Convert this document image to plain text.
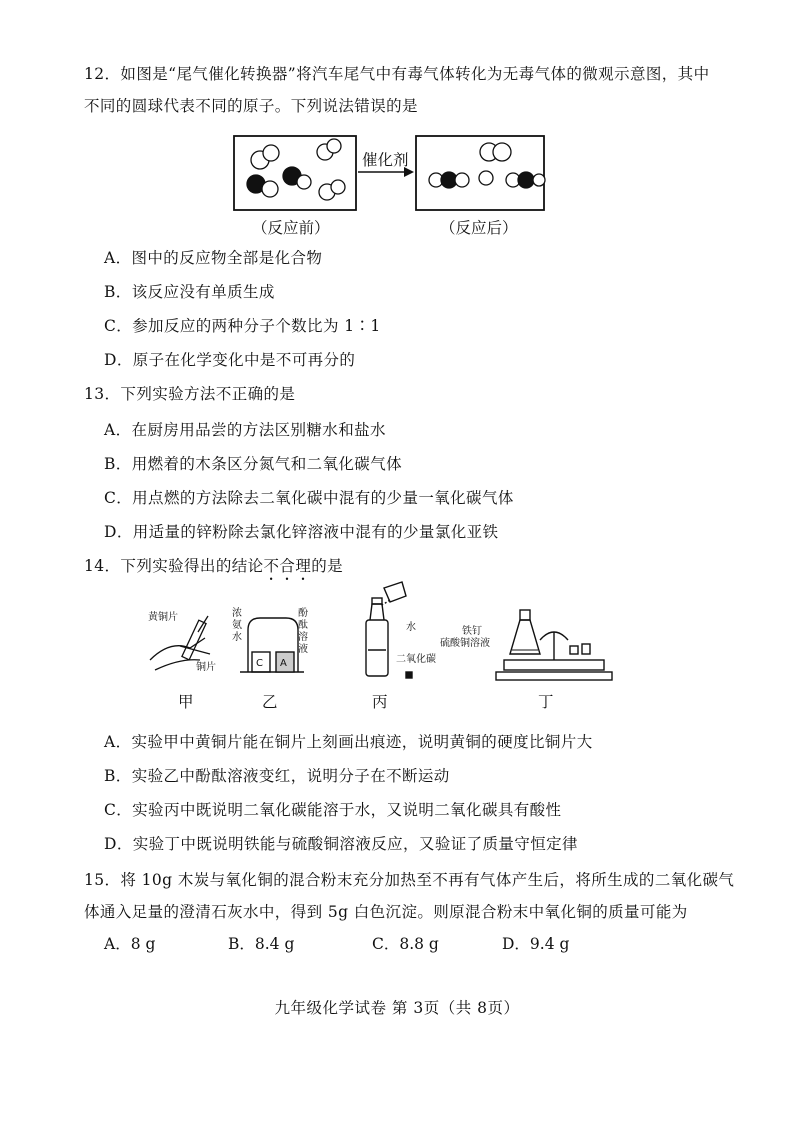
12．如图是“尾气催化转换器”将汽车尾气中有毒气体转化为无毒气体的微观示意图，其中
不同的圆球代表不同的原子。下列说法错误的是
催化剂
（反应前）	（反应后）
A．图中的反应物全部是化合物
B．该反应没有单质生成
C．参加反应的两种分子个数比为 1∶1
D．原子在化学变化中是不可再分的
13．下列实验方法不正确的是
A．在厨房用品尝的方法区别糖水和盐水
B．用燃着的木条区分氮气和二氧化碳气体
C．用点燃的方法除去二氧化碳中混有的少量一氧化碳气体
D．用适量的锌粉除去氯化锌溶液中混有的少量氯化亚铁
14．下列实验得出的结论不合理的是
黄铜片
铜片
浓氨水
酚酞溶液
C A
水
二氧化碳
铁钉
硫酸铜溶液
甲	乙	丙	丁
A．实验甲中黄铜片能在铜片上刻画出痕迹，说明黄铜的硬度比铜片大
B．实验乙中酚酞溶液变红，说明分子在不断运动
C．实验丙中既说明二氧化碳能溶于水，又说明二氧化碳具有酸性
D．实验丁中既说明铁能与硫酸铜溶液反应，又验证了质量守恒定律
15．将 10g 木炭与氧化铜的混合粉末充分加热至不再有气体产生后，将所生成的二氧化碳气
体通入足量的澄清石灰水中，得到 5g 白色沉淀。则原混合粉末中氧化铜的质量可能为
A．8 g	B．8.4 g	C．8.8 g	D．9.4 g
九年级化学试卷 第 3页（共 8页）
